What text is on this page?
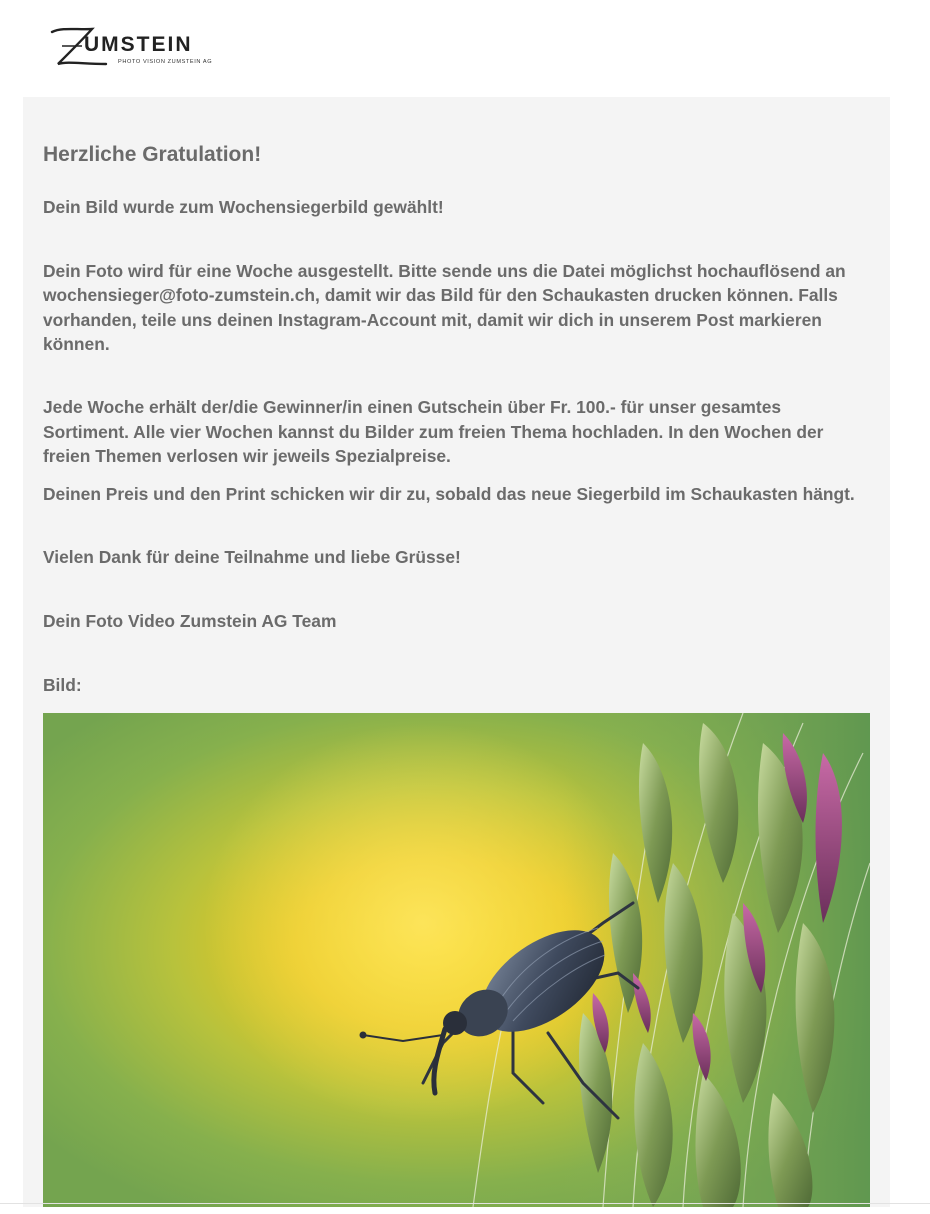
UMSTEIN
PHOTO VISION ZUMSTEIN AG
Herzliche Gratulation!

Dein Bild wurde zum Wochensiegerbild gewählt!

Dein Foto wird für eine Woche ausgestellt. Bitte sende uns die Datei möglichst hochauflösend an wochensieger@foto-zumstein.ch, damit wir das Bild für den Schaukasten drucken können. Falls vorhanden, teile uns deinen Instagram-Account mit, damit wir dich in unserem Post markieren können.

Jede Woche erhält der/die Gewinner/in einen Gutschein über Fr. 100.- für unser gesamtes Sortiment. Alle vier Wochen kannst du Bilder zum freien Thema hochladen. In den Wochen der freien Themen verlosen wir jeweils Spezialpreise.

Deinen Preis und den Print schicken wir dir zu, sobald das neue Siegerbild im Schaukasten hängt.

Vielen Dank für deine Teilnahme und liebe Grüsse!

Dein Foto Video Zumstein AG Team

Bild:
